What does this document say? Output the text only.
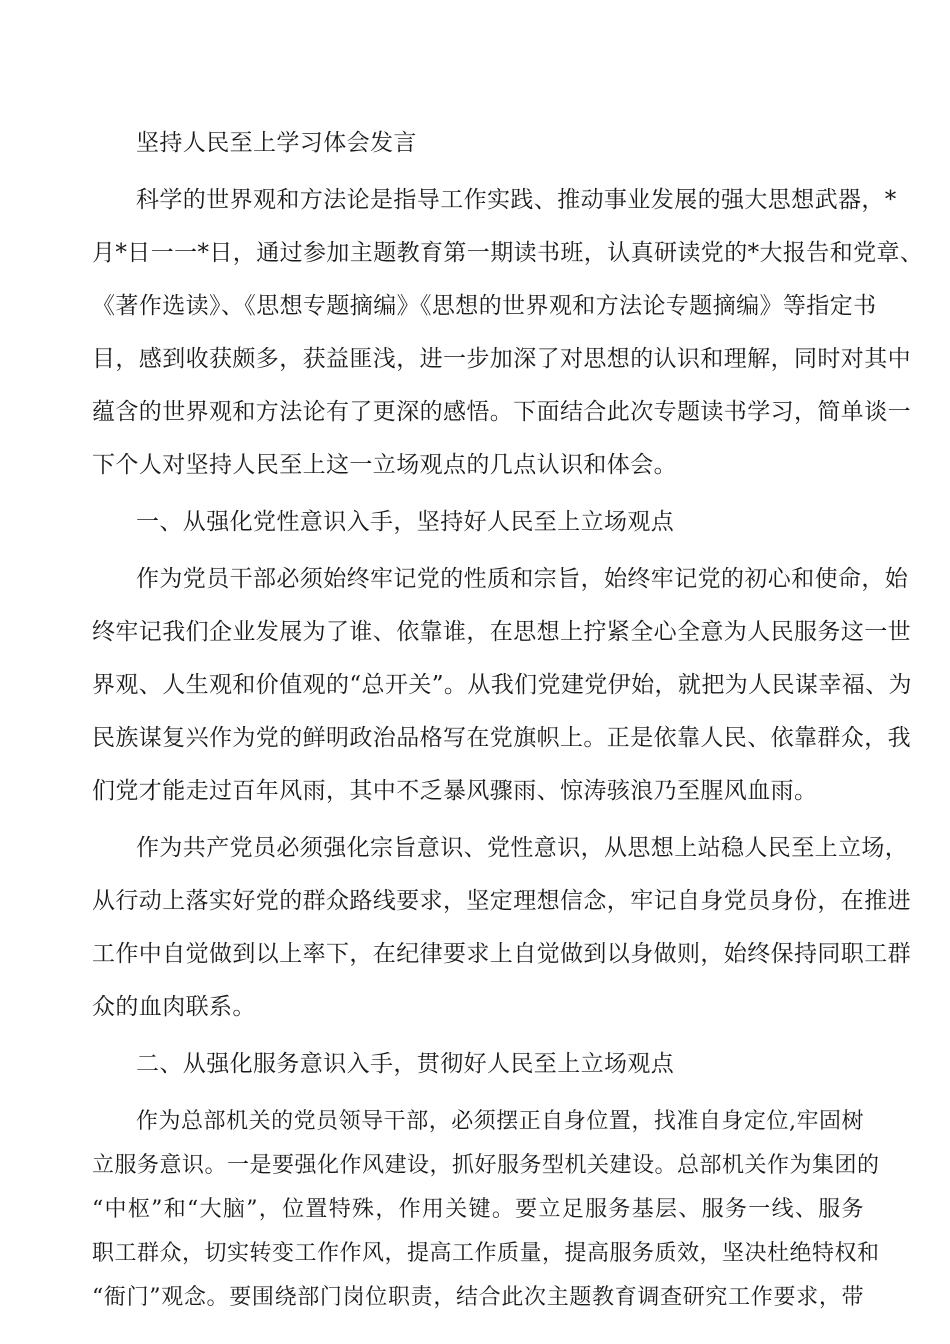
坚持人民至上学习体会发言
科学的世界观和方法论是指导工作实践、推动事业发展的强大思想武器，*
月*日一一*日，通过参加主题教育第一期读书班，认真研读党的*大报告和党章、
《著作选读》、《思想专题摘编》《思想的世界观和方法论专题摘编》等指定书
目，感到收获颇多，获益匪浅，进一步加深了对思想的认识和理解，同时对其中
蕴含的世界观和方法论有了更深的感悟。下面结合此次专题读书学习，简单谈一
下个人对坚持人民至上这一立场观点的几点认识和体会。
一、从强化党性意识入手，坚持好人民至上立场观点
作为党员干部必须始终牢记党的性质和宗旨，始终牢记党的初心和使命，始
终牢记我们企业发展为了谁、依靠谁，在思想上拧紧全心全意为人民服务这一世
界观、人生观和价值观的“总开关”。从我们党建党伊始，就把为人民谋幸福、为
民族谋复兴作为党的鲜明政治品格写在党旗帜上。正是依靠人民、依靠群众，我
们党才能走过百年风雨，其中不乏暴风骤雨、惊涛骇浪乃至腥风血雨。
作为共产党员必须强化宗旨意识、党性意识，从思想上站稳人民至上立场，
从行动上落实好党的群众路线要求，坚定理想信念，牢记自身党员身份，在推进
工作中自觉做到以上率下，在纪律要求上自觉做到以身做则，始终保持同职工群
众的血肉联系。
二、从强化服务意识入手，贯彻好人民至上立场观点
作为总部机关的党员领导干部，必须摆正自身位置，找准自身定位,牢固树
立服务意识。一是要强化作风建设，抓好服务型机关建设。总部机关作为集团的
“中枢”和“大脑”，位置特殊，作用关键。要立足服务基层、服务一线、服务
职工群众，切实转变工作作风，提高工作质量，提高服务质效，坚决杜绝特权和
“衙门”观念。要围绕部门岗位职责，结合此次主题教育调查研究工作要求，带
